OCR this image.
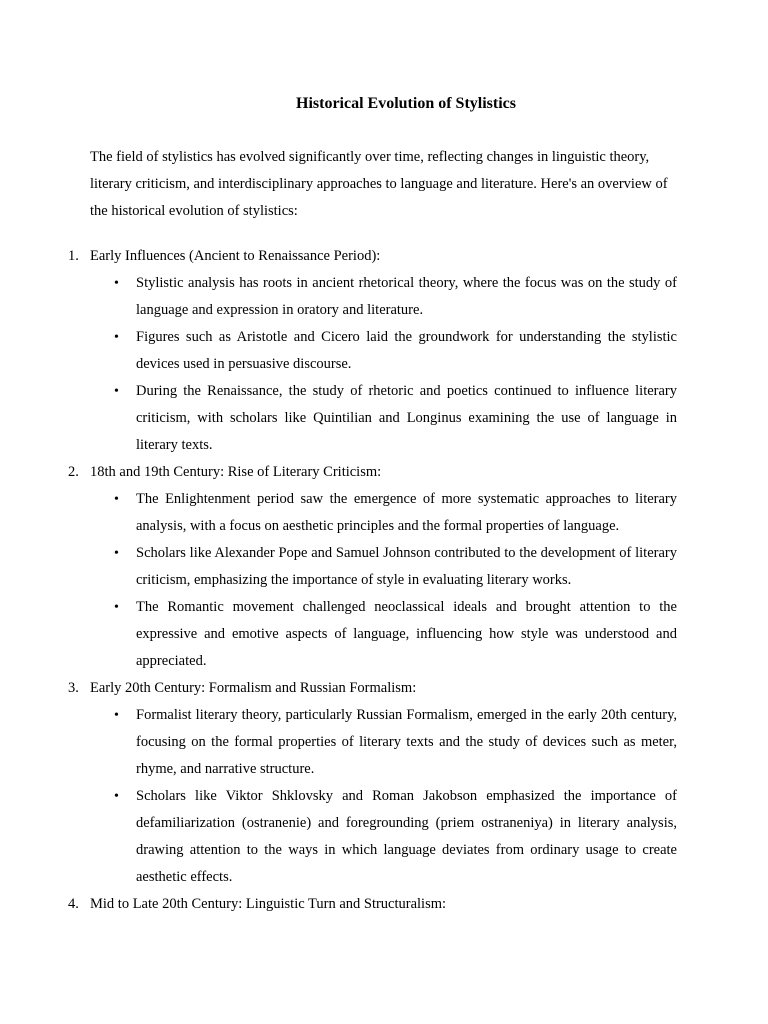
Historical Evolution of Stylistics

The field of stylistics has evolved significantly over time, reflecting changes in linguistic theory, literary criticism, and interdisciplinary approaches to language and literature. Here's an overview of the historical evolution of stylistics:

1. Early Influences (Ancient to Renaissance Period):
• Stylistic analysis has roots in ancient rhetorical theory, where the focus was on the study of language and expression in oratory and literature.
• Figures such as Aristotle and Cicero laid the groundwork for understanding the stylistic devices used in persuasive discourse.
• During the Renaissance, the study of rhetoric and poetics continued to influence literary criticism, with scholars like Quintilian and Longinus examining the use of language in literary texts.
2. 18th and 19th Century: Rise of Literary Criticism:
• The Enlightenment period saw the emergence of more systematic approaches to literary analysis, with a focus on aesthetic principles and the formal properties of language.
• Scholars like Alexander Pope and Samuel Johnson contributed to the development of literary criticism, emphasizing the importance of style in evaluating literary works.
• The Romantic movement challenged neoclassical ideals and brought attention to the expressive and emotive aspects of language, influencing how style was understood and appreciated.
3. Early 20th Century: Formalism and Russian Formalism:
• Formalist literary theory, particularly Russian Formalism, emerged in the early 20th century, focusing on the formal properties of literary texts and the study of devices such as meter, rhyme, and narrative structure.
• Scholars like Viktor Shklovsky and Roman Jakobson emphasized the importance of defamiliarization (ostranenie) and foregrounding (priem ostraneniya) in literary analysis, drawing attention to the ways in which language deviates from ordinary usage to create aesthetic effects.
4. Mid to Late 20th Century: Linguistic Turn and Structuralism:
